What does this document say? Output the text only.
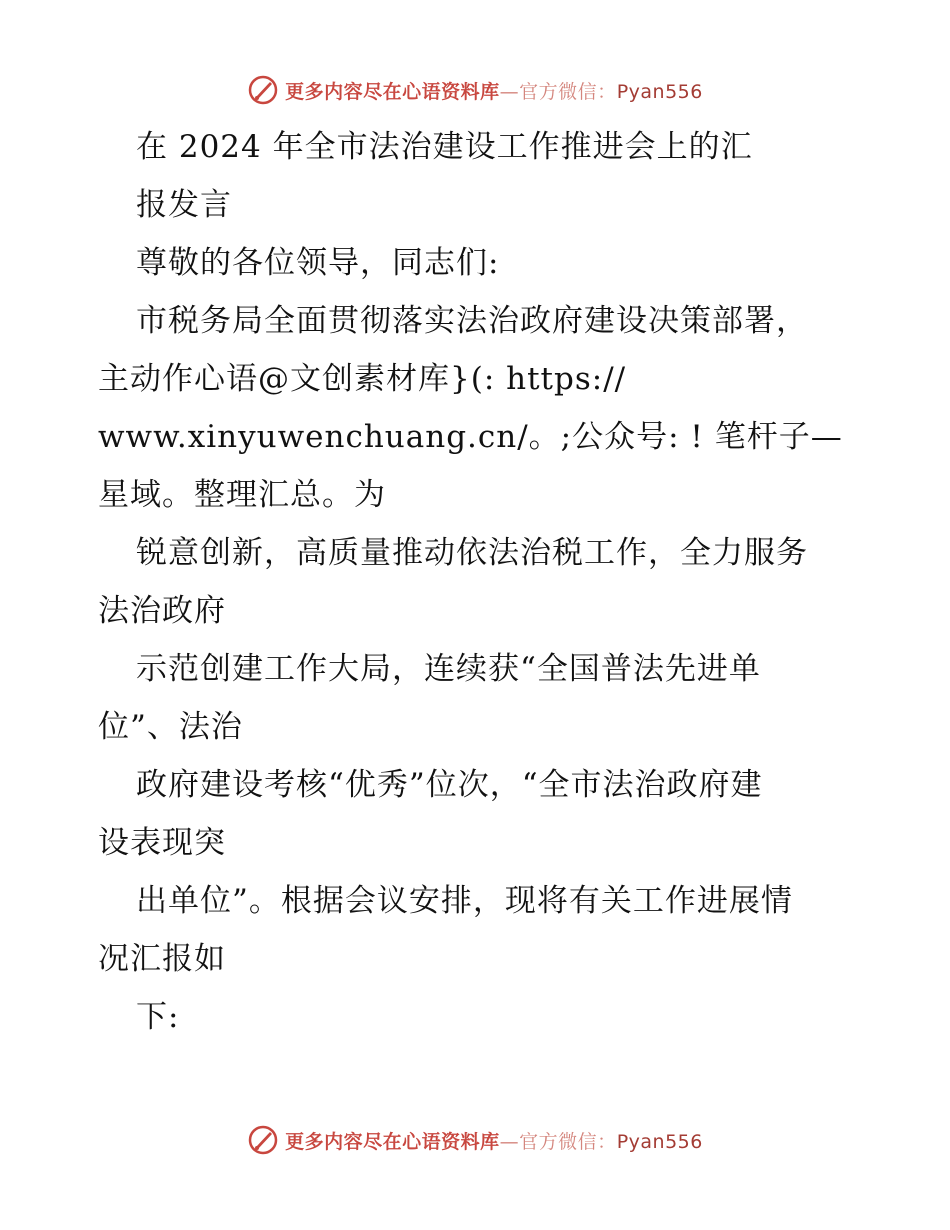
更多内容尽在心语资料库—官方微信：Pyan556
在 2024 年全市法治建设工作推进会上的汇
报发言
尊敬的各位领导，同志们:
市税务局全面贯彻落实法治政府建设决策部署，
主动作心语@文创素材库}(: https://
www.xinyuwenchuang.cn/。;公众号: ! 笔杆子—
星域。整理汇总。为
锐意创新，高质量推动依法治税工作，全力服务
法治政府
示范创建工作大局，连续获“全国普法先进单
位”、法治
政府建设考核“优秀”位次，“全市法治政府建
设表现突
出单位”。根据会议安排，现将有关工作进展情
况汇报如
下:
更多内容尽在心语资料库—官方微信：Pyan556
